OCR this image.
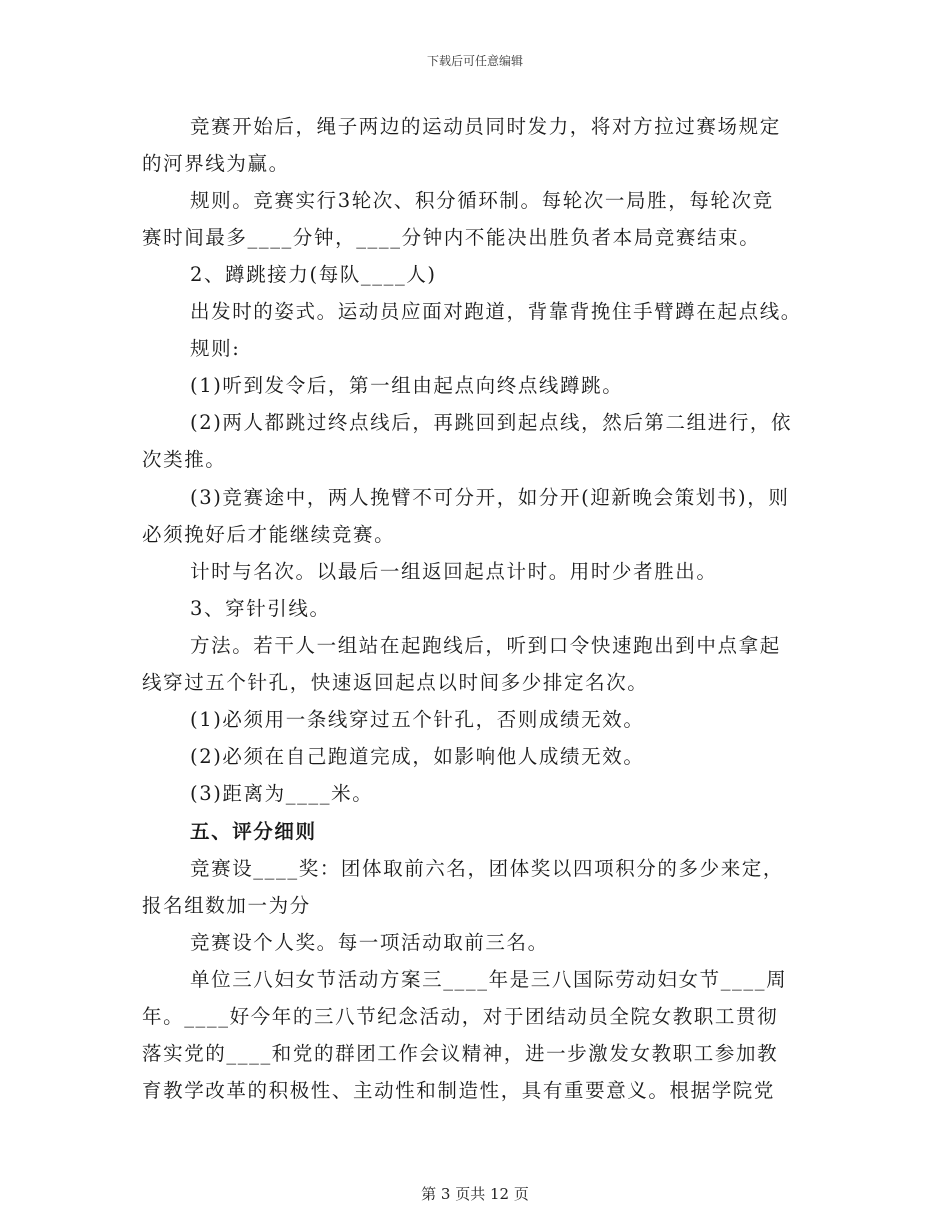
下载后可任意编辑
竞赛开始后，绳子两边的运动员同时发力，将对方拉过赛场规定
的河界线为赢。
规则。竞赛实行3轮次、积分循环制。每轮次一局胜，每轮次竞
赛时间最多____分钟，____分钟内不能决出胜负者本局竞赛结束。
2、蹲跳接力(每队____人)
出发时的姿式。运动员应面对跑道，背靠背挽住手臂蹲在起点线。
规则:
(1)听到发令后，第一组由起点向终点线蹲跳。
(2)两人都跳过终点线后，再跳回到起点线，然后第二组进行，依
次类推。
(3)竞赛途中，两人挽臂不可分开，如分开(迎新晚会策划书)，则
必须挽好后才能继续竞赛。
计时与名次。以最后一组返回起点计时。用时少者胜出。
3、穿针引线。
方法。若干人一组站在起跑线后，听到口令快速跑出到中点拿起
线穿过五个针孔，快速返回起点以时间多少排定名次。
(1)必须用一条线穿过五个针孔，否则成绩无效。
(2)必须在自己跑道完成，如影响他人成绩无效。
(3)距离为____米。
五、评分细则
竞赛设____奖：团体取前六名，团体奖以四项积分的多少来定，
报名组数加一为分
竞赛设个人奖。每一项活动取前三名。
单位三八妇女节活动方案三____年是三八国际劳动妇女节____周
年。____好今年的三八节纪念活动，对于团结动员全院女教职工贯彻
落实党的____和党的群团工作会议精神，进一步激发女教职工参加教
育教学改革的积极性、主动性和制造性，具有重要意义。根据学院党
第 3 页共 12 页
